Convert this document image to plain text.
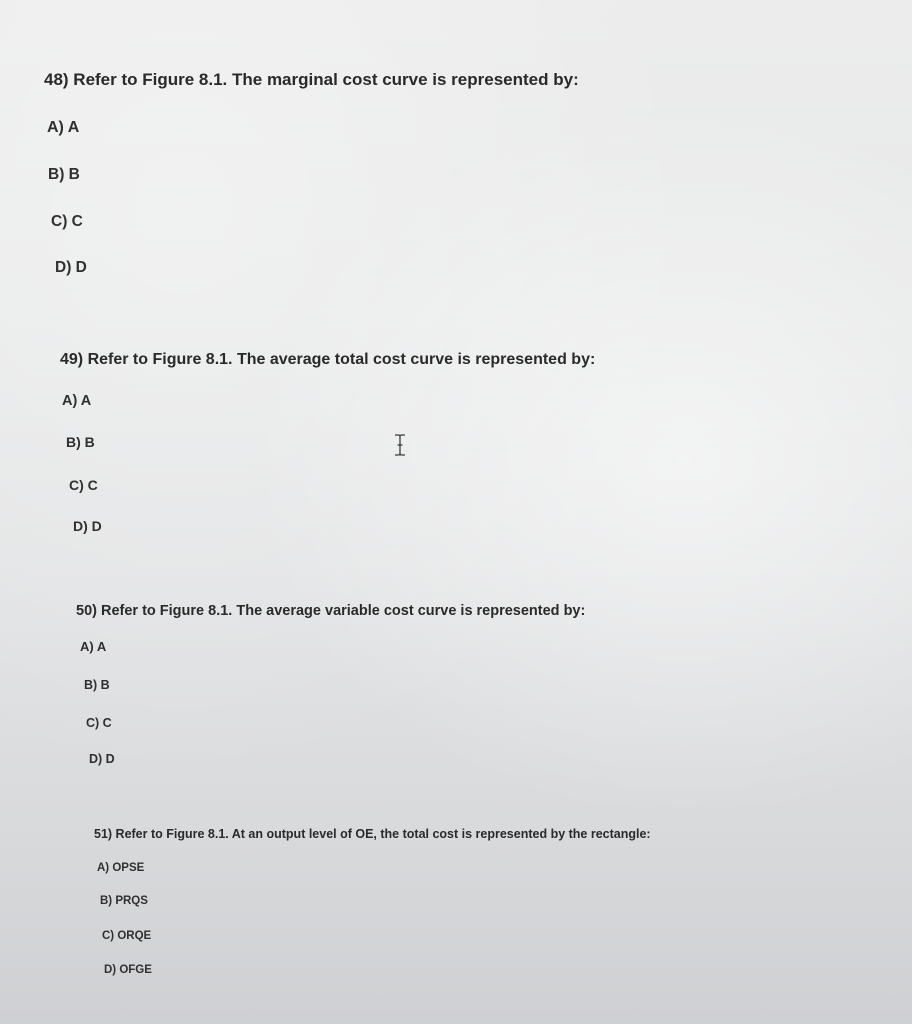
48) Refer to Figure 8.1. The marginal cost curve is represented by:

A) A
B) B
C) C
D) D

49) Refer to Figure 8.1. The average total cost curve is represented by:

A) A
B) B
C) C
D) D

50) Refer to Figure 8.1. The average variable cost curve is represented by:

A) A
B) B
C) C
D) D

51) Refer to Figure 8.1. At an output level of OE, the total cost is represented by the rectangle:

A) OPSE
B) PRQS
C) ORQE
D) OFGE
